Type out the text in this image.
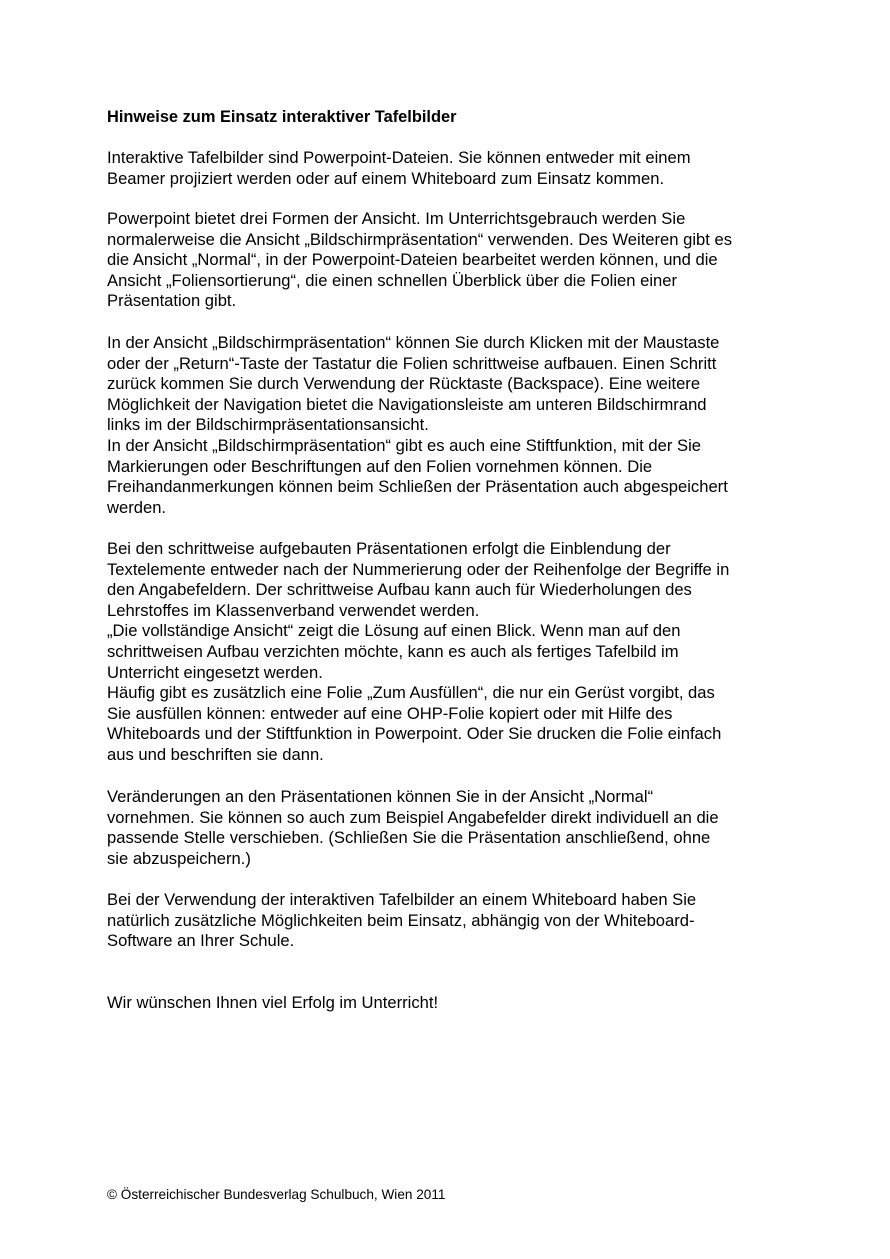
Hinweise zum Einsatz interaktiver Tafelbilder

Interaktive Tafelbilder sind Powerpoint-Dateien. Sie können entweder mit einem
Beamer projiziert werden oder auf einem Whiteboard zum Einsatz kommen.

Powerpoint bietet drei Formen der Ansicht. Im Unterrichtsgebrauch werden Sie
normalerweise die Ansicht „Bildschirmpräsentation“ verwenden. Des Weiteren gibt es
die Ansicht „Normal“, in der Powerpoint-Dateien bearbeitet werden können, und die
Ansicht „Foliensortierung“, die einen schnellen Überblick über die Folien einer
Präsentation gibt.

In der Ansicht „Bildschirmpräsentation“ können Sie durch Klicken mit der Maustaste
oder der „Return“-Taste der Tastatur die Folien schrittweise aufbauen. Einen Schritt
zurück kommen Sie durch Verwendung der Rücktaste (Backspace). Eine weitere
Möglichkeit der Navigation bietet die Navigationsleiste am unteren Bildschirmrand
links im der Bildschirmpräsentationsansicht.
In der Ansicht „Bildschirmpräsentation“ gibt es auch eine Stiftfunktion, mit der Sie
Markierungen oder Beschriftungen auf den Folien vornehmen können. Die
Freihandanmerkungen können beim Schließen der Präsentation auch abgespeichert
werden.

Bei den schrittweise aufgebauten Präsentationen erfolgt die Einblendung der
Textelemente entweder nach der Nummerierung oder der Reihenfolge der Begriffe in
den Angabefeldern. Der schrittweise Aufbau kann auch für Wiederholungen des
Lehrstoffes im Klassenverband verwendet werden.
„Die vollständige Ansicht“ zeigt die Lösung auf einen Blick. Wenn man auf den
schrittweisen Aufbau verzichten möchte, kann es auch als fertiges Tafelbild im
Unterricht eingesetzt werden.
Häufig gibt es zusätzlich eine Folie „Zum Ausfüllen“, die nur ein Gerüst vorgibt, das
Sie ausfüllen können: entweder auf eine OHP-Folie kopiert oder mit Hilfe des
Whiteboards und der Stiftfunktion in Powerpoint. Oder Sie drucken die Folie einfach
aus und beschriften sie dann.

Veränderungen an den Präsentationen können Sie in der Ansicht „Normal“
vornehmen. Sie können so auch zum Beispiel Angabefelder direkt individuell an die
passende Stelle verschieben. (Schließen Sie die Präsentation anschließend, ohne
sie abzuspeichern.)

Bei der Verwendung der interaktiven Tafelbilder an einem Whiteboard haben Sie
natürlich zusätzliche Möglichkeiten beim Einsatz, abhängig von der Whiteboard-
Software an Ihrer Schule.

Wir wünschen Ihnen viel Erfolg im Unterricht!

© Österreichischer Bundesverlag Schulbuch, Wien 2011
